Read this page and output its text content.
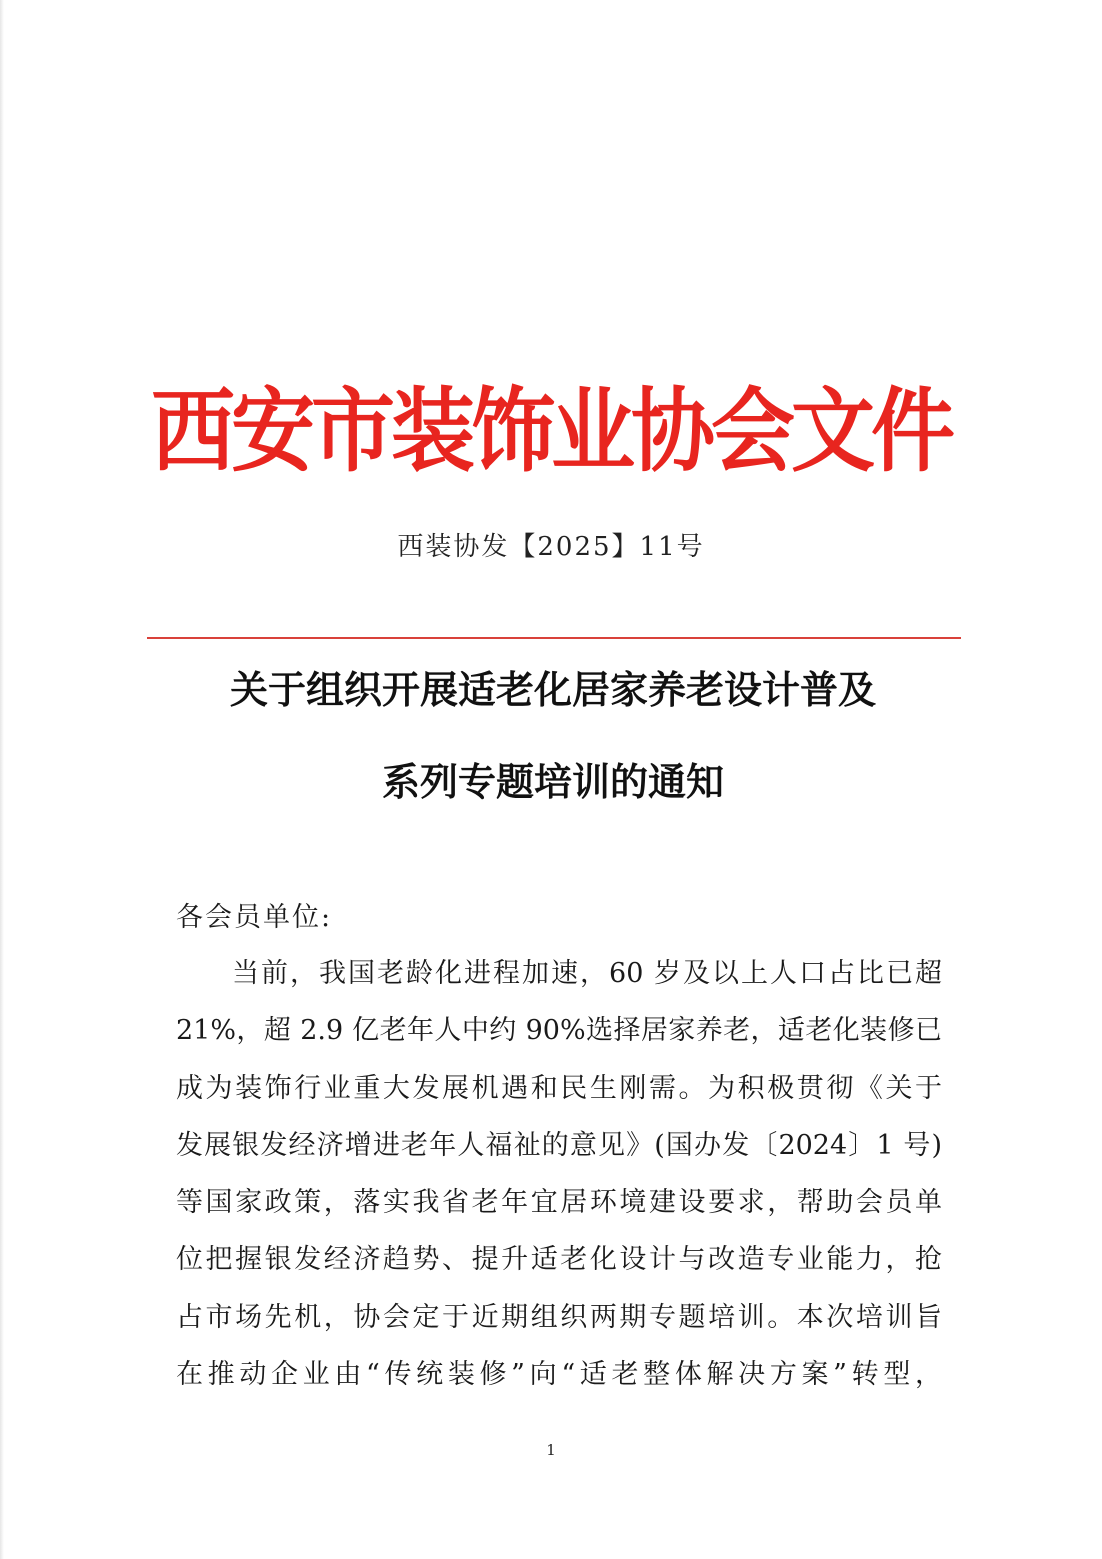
西安市装饰业协会文件
西装协发【2025】11号
关于组织开展适老化居家养老设计普及
系列专题培训的通知
各会员单位:
当前，我国老龄化进程加速，60 岁及以上人口占比已超
21%，超 2.9 亿老年人中约 90%选择居家养老，适老化装修已
成为装饰行业重大发展机遇和民生刚需。为积极贯彻《关于
发展银发经济增进老年人福祉的意见》(国办发〔2024〕1 号)
等国家政策，落实我省老年宜居环境建设要求，帮助会员单
位把握银发经济趋势、提升适老化设计与改造专业能力，抢
占市场先机，协会定于近期组织两期专题培训。本次培训旨
在推动企业由“传统装修”向“适老整体解决方案”转型，
1
